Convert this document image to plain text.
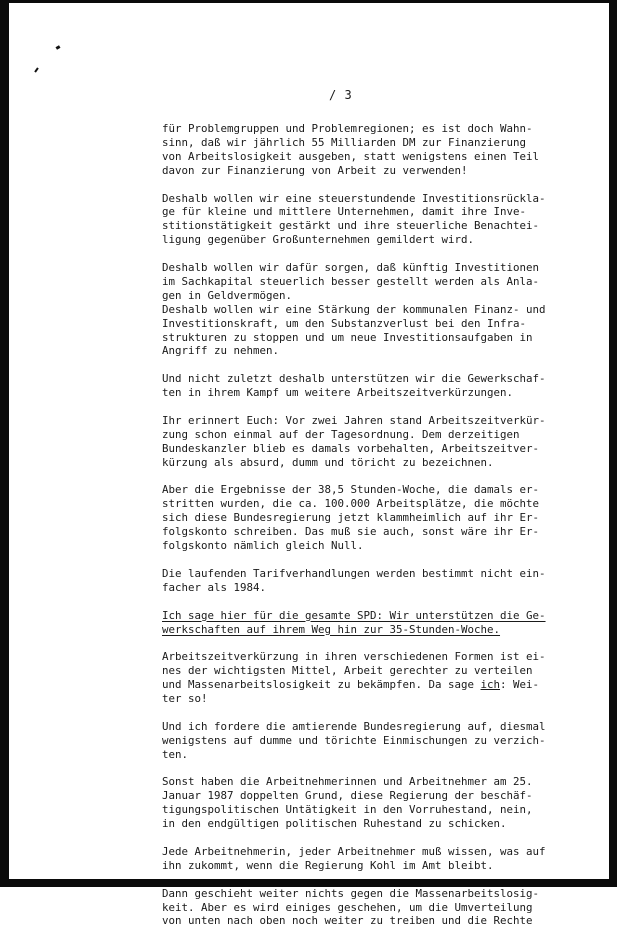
/ 3

für Problemgruppen und Problemregionen; es ist doch Wahn-
sinn, daß wir jährlich 55 Milliarden DM zur Finanzierung
von Arbeitslosigkeit ausgeben, statt wenigstens einen Teil
davon zur Finanzierung von Arbeit zu verwenden!

Deshalb wollen wir eine steuerstundende Investitionsrückla-
ge für kleine und mittlere Unternehmen, damit ihre Inve-
stitionstätigkeit gestärkt und ihre steuerliche Benachtei-
ligung gegenüber Großunternehmen gemildert wird.

Deshalb wollen wir dafür sorgen, daß künftig Investitionen
im Sachkapital steuerlich besser gestellt werden als Anla-
gen in Geldvermögen.

Deshalb wollen wir eine Stärkung der kommunalen Finanz- und
Investitionskraft, um den Substanzverlust bei den Infra-
strukturen zu stoppen und um neue Investitionsaufgaben in
Angriff zu nehmen.

Und nicht zuletzt deshalb unterstützen wir die Gewerkschaf-
ten in ihrem Kampf um weitere Arbeitszeitverkürzungen.

Ihr erinnert Euch: Vor zwei Jahren stand Arbeitszeitverkür-
zung schon einmal auf der Tagesordnung. Dem derzeitigen
Bundeskanzler blieb es damals vorbehalten, Arbeitszeitver-
kürzung als absurd, dumm und töricht zu bezeichnen.

Aber die Ergebnisse der 38,5 Stunden-Woche, die damals er-
stritten wurden, die ca. 100.000 Arbeitsplätze, die möchte
sich diese Bundesregierung jetzt klammheimlich auf ihr Er-
folgskonto schreiben. Das muß sie auch, sonst wäre ihr Er-
folgskonto nämlich gleich Null.

Die laufenden Tarifverhandlungen werden bestimmt nicht ein-
facher als 1984.

Ich sage hier für die gesamte SPD: Wir unterstützen die Ge-
werkschaften auf ihrem Weg hin zur 35-Stunden-Woche.

Arbeitszeitverkürzung in ihren verschiedenen Formen ist ei-
nes der wichtigsten Mittel, Arbeit gerechter zu verteilen
und Massenarbeitslosigkeit zu bekämpfen. Da sage ich: Wei-
ter so!

Und ich fordere die amtierende Bundesregierung auf, diesmal
wenigstens auf dumme und törichte Einmischungen zu verzich-
ten.

Sonst haben die Arbeitnehmerinnen und Arbeitnehmer am 25.
Januar 1987 doppelten Grund, diese Regierung der beschäf-
tigungspolitischen Untätigkeit in den Vorruhestand, nein,
in den endgültigen politischen Ruhestand zu schicken.

Jede Arbeitnehmerin, jeder Arbeitnehmer muß wissen, was auf
ihn zukommt, wenn die Regierung Kohl im Amt bleibt.

Dann geschieht weiter nichts gegen die Massenarbeitslosig-
keit. Aber es wird einiges geschehen, um die Umverteilung
von unten nach oben noch weiter zu treiben und die Rechte
